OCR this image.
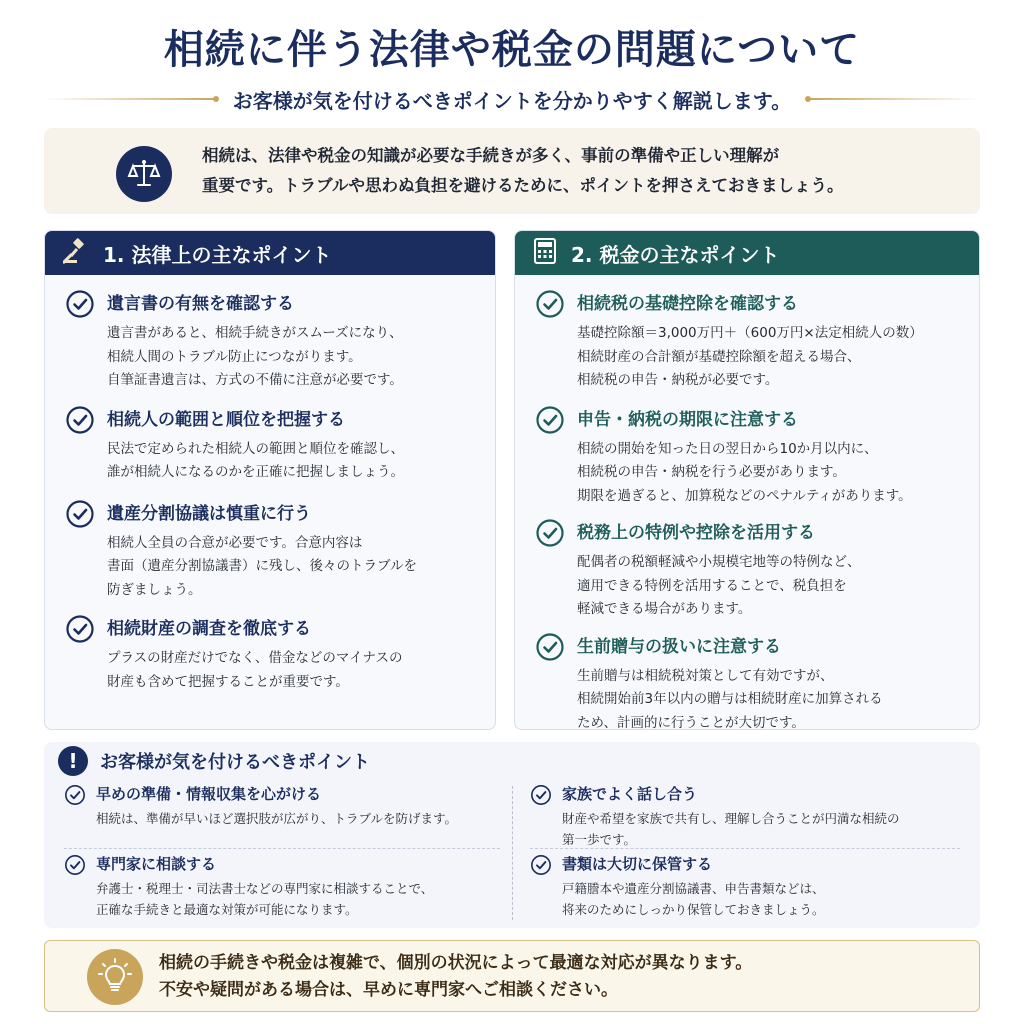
相続に伴う法律や税金の問題について
お客様が気を付けるべきポイントを分かりやすく解説します。
相続は、法律や税金の知識が必要な手続きが多く、事前の準備や正しい理解が
重要です。トラブルや思わぬ負担を避けるために、ポイントを押さえておきましょう。
1. 法律上の主なポイント
遺言書の有無を確認する
遺言書があると、相続手続きがスムーズになり、
相続人間のトラブル防止につながります。
自筆証書遺言は、方式の不備に注意が必要です。
相続人の範囲と順位を把握する
民法で定められた相続人の範囲と順位を確認し、
誰が相続人になるのかを正確に把握しましょう。
遺産分割協議は慎重に行う
相続人全員の合意が必要です。合意内容は
書面（遺産分割協議書）に残し、後々のトラブルを
防ぎましょう。
相続財産の調査を徹底する
プラスの財産だけでなく、借金などのマイナスの
財産も含めて把握することが重要です。
2. 税金の主なポイント
相続税の基礎控除を確認する
基礎控除額＝3,000万円＋（600万円×法定相続人の数）
相続財産の合計額が基礎控除額を超える場合、
相続税の申告・納税が必要です。
申告・納税の期限に注意する
相続の開始を知った日の翌日から10か月以内に、
相続税の申告・納税を行う必要があります。
期限を過ぎると、加算税などのペナルティがあります。
税務上の特例や控除を活用する
配偶者の税額軽減や小規模宅地等の特例など、
適用できる特例を活用することで、税負担を
軽減できる場合があります。
生前贈与の扱いに注意する
生前贈与は相続税対策として有効ですが、
相続開始前3年以内の贈与は相続財産に加算される
ため、計画的に行うことが大切です。
!	お客様が気を付けるべきポイント
早めの準備・情報収集を心がける
相続は、準備が早いほど選択肢が広がり、トラブルを防げます。
家族でよく話し合う
財産や希望を家族で共有し、理解し合うことが円満な相続の
第一歩です。
専門家に相談する
弁護士・税理士・司法書士などの専門家に相談することで、
正確な手続きと最適な対策が可能になります。
書類は大切に保管する
戸籍謄本や遺産分割協議書、申告書類などは、
将来のためにしっかり保管しておきましょう。
相続の手続きや税金は複雑で、個別の状況によって最適な対応が異なります。
不安や疑問がある場合は、早めに専門家へご相談ください。
